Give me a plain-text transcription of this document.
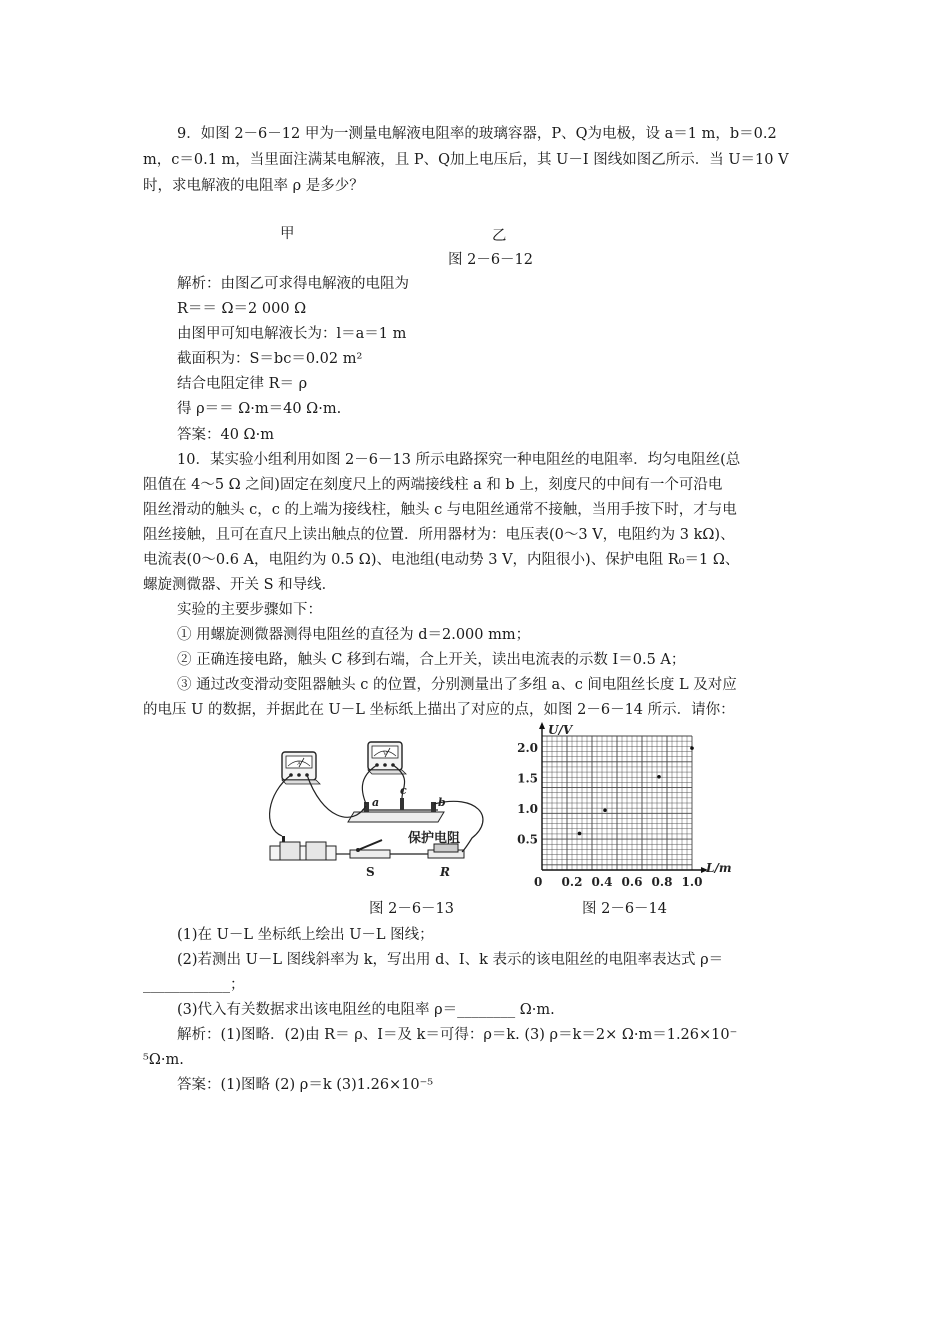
9．如图 2－6－12 甲为一测量电解液电阻率的玻璃容器，P、Q为电极，设 a＝1 m，b＝0.2
m，c＝0.1 m，当里面注满某电解液，且 P、Q加上电压后，其 U－I 图线如图乙所示．当 U＝10 V
时，求电解液的电阻率 ρ 是多少？
甲	乙
图 2－6－12
解析：由图乙可求得电解液的电阻为
R＝＝ Ω＝2 000 Ω
由图甲可知电解液长为：l＝a＝1 m
截面积为：S＝bc＝0.02 m²
结合电阻定律 R＝ ρ
得 ρ＝＝ Ω·m＝40 Ω·m.
答案：40 Ω·m
10．某实验小组利用如图 2－6－13 所示电路探究一种电阻丝的电阻率．均匀电阻丝(总
阻值在 4～5 Ω 之间)固定在刻度尺上的两端接线柱 a 和 b 上，刻度尺的中间有一个可沿电
阻丝滑动的触头 c，c 的上端为接线柱，触头 c 与电阻丝通常不接触，当用手按下时，才与电
阻丝接触，且可在直尺上读出触点的位置．所用器材为：电压表(0～3 V，电阻约为 3 kΩ)、
电流表(0～0.6 A，电阻约为 0.5 Ω)、电池组(电动势 3 V，内阻很小)、保护电阻 R₀＝1 Ω、
螺旋测微器、开关 S 和导线．
实验的主要步骤如下：
① 用螺旋测微器测得电阻丝的直径为 d＝2.000 mm；
② 正确连接电路，触头 C 移到右端，合上开关，读出电流表的示数 I＝0.5 A；
③ 通过改变滑动变阻器触头 c 的位置，分别测量出了多组 a、c 间电阻丝长度 L 及对应
的电压 U 的数据，并据此在 U－L 坐标纸上描出了对应的点，如图 2－6－14 所示．请你：
A
V
a
c
b
S
保护电阻
R
0.2 0.4 0.6 0.8 1.0
0.5
1.0
1.5
2.0
U/V
L/m
0
图 2－6－13	图 2－6－14
(1)在 U－L 坐标纸上绘出 U－L 图线；
(2)若测出 U－L 图线斜率为 k，写出用 d、I、k 表示的该电阻丝的电阻率表达式 ρ＝
____________；
(3)代入有关数据求出该电阻丝的电阻率 ρ＝________ Ω·m.
解析：(1)图略．(2)由 R＝ ρ、I＝及 k＝可得：ρ＝k. (3) ρ＝k＝2× Ω·m＝1.26×10⁻
⁵Ω·m.
答案：(1)图略 (2) ρ＝k (3)1.26×10⁻⁵
